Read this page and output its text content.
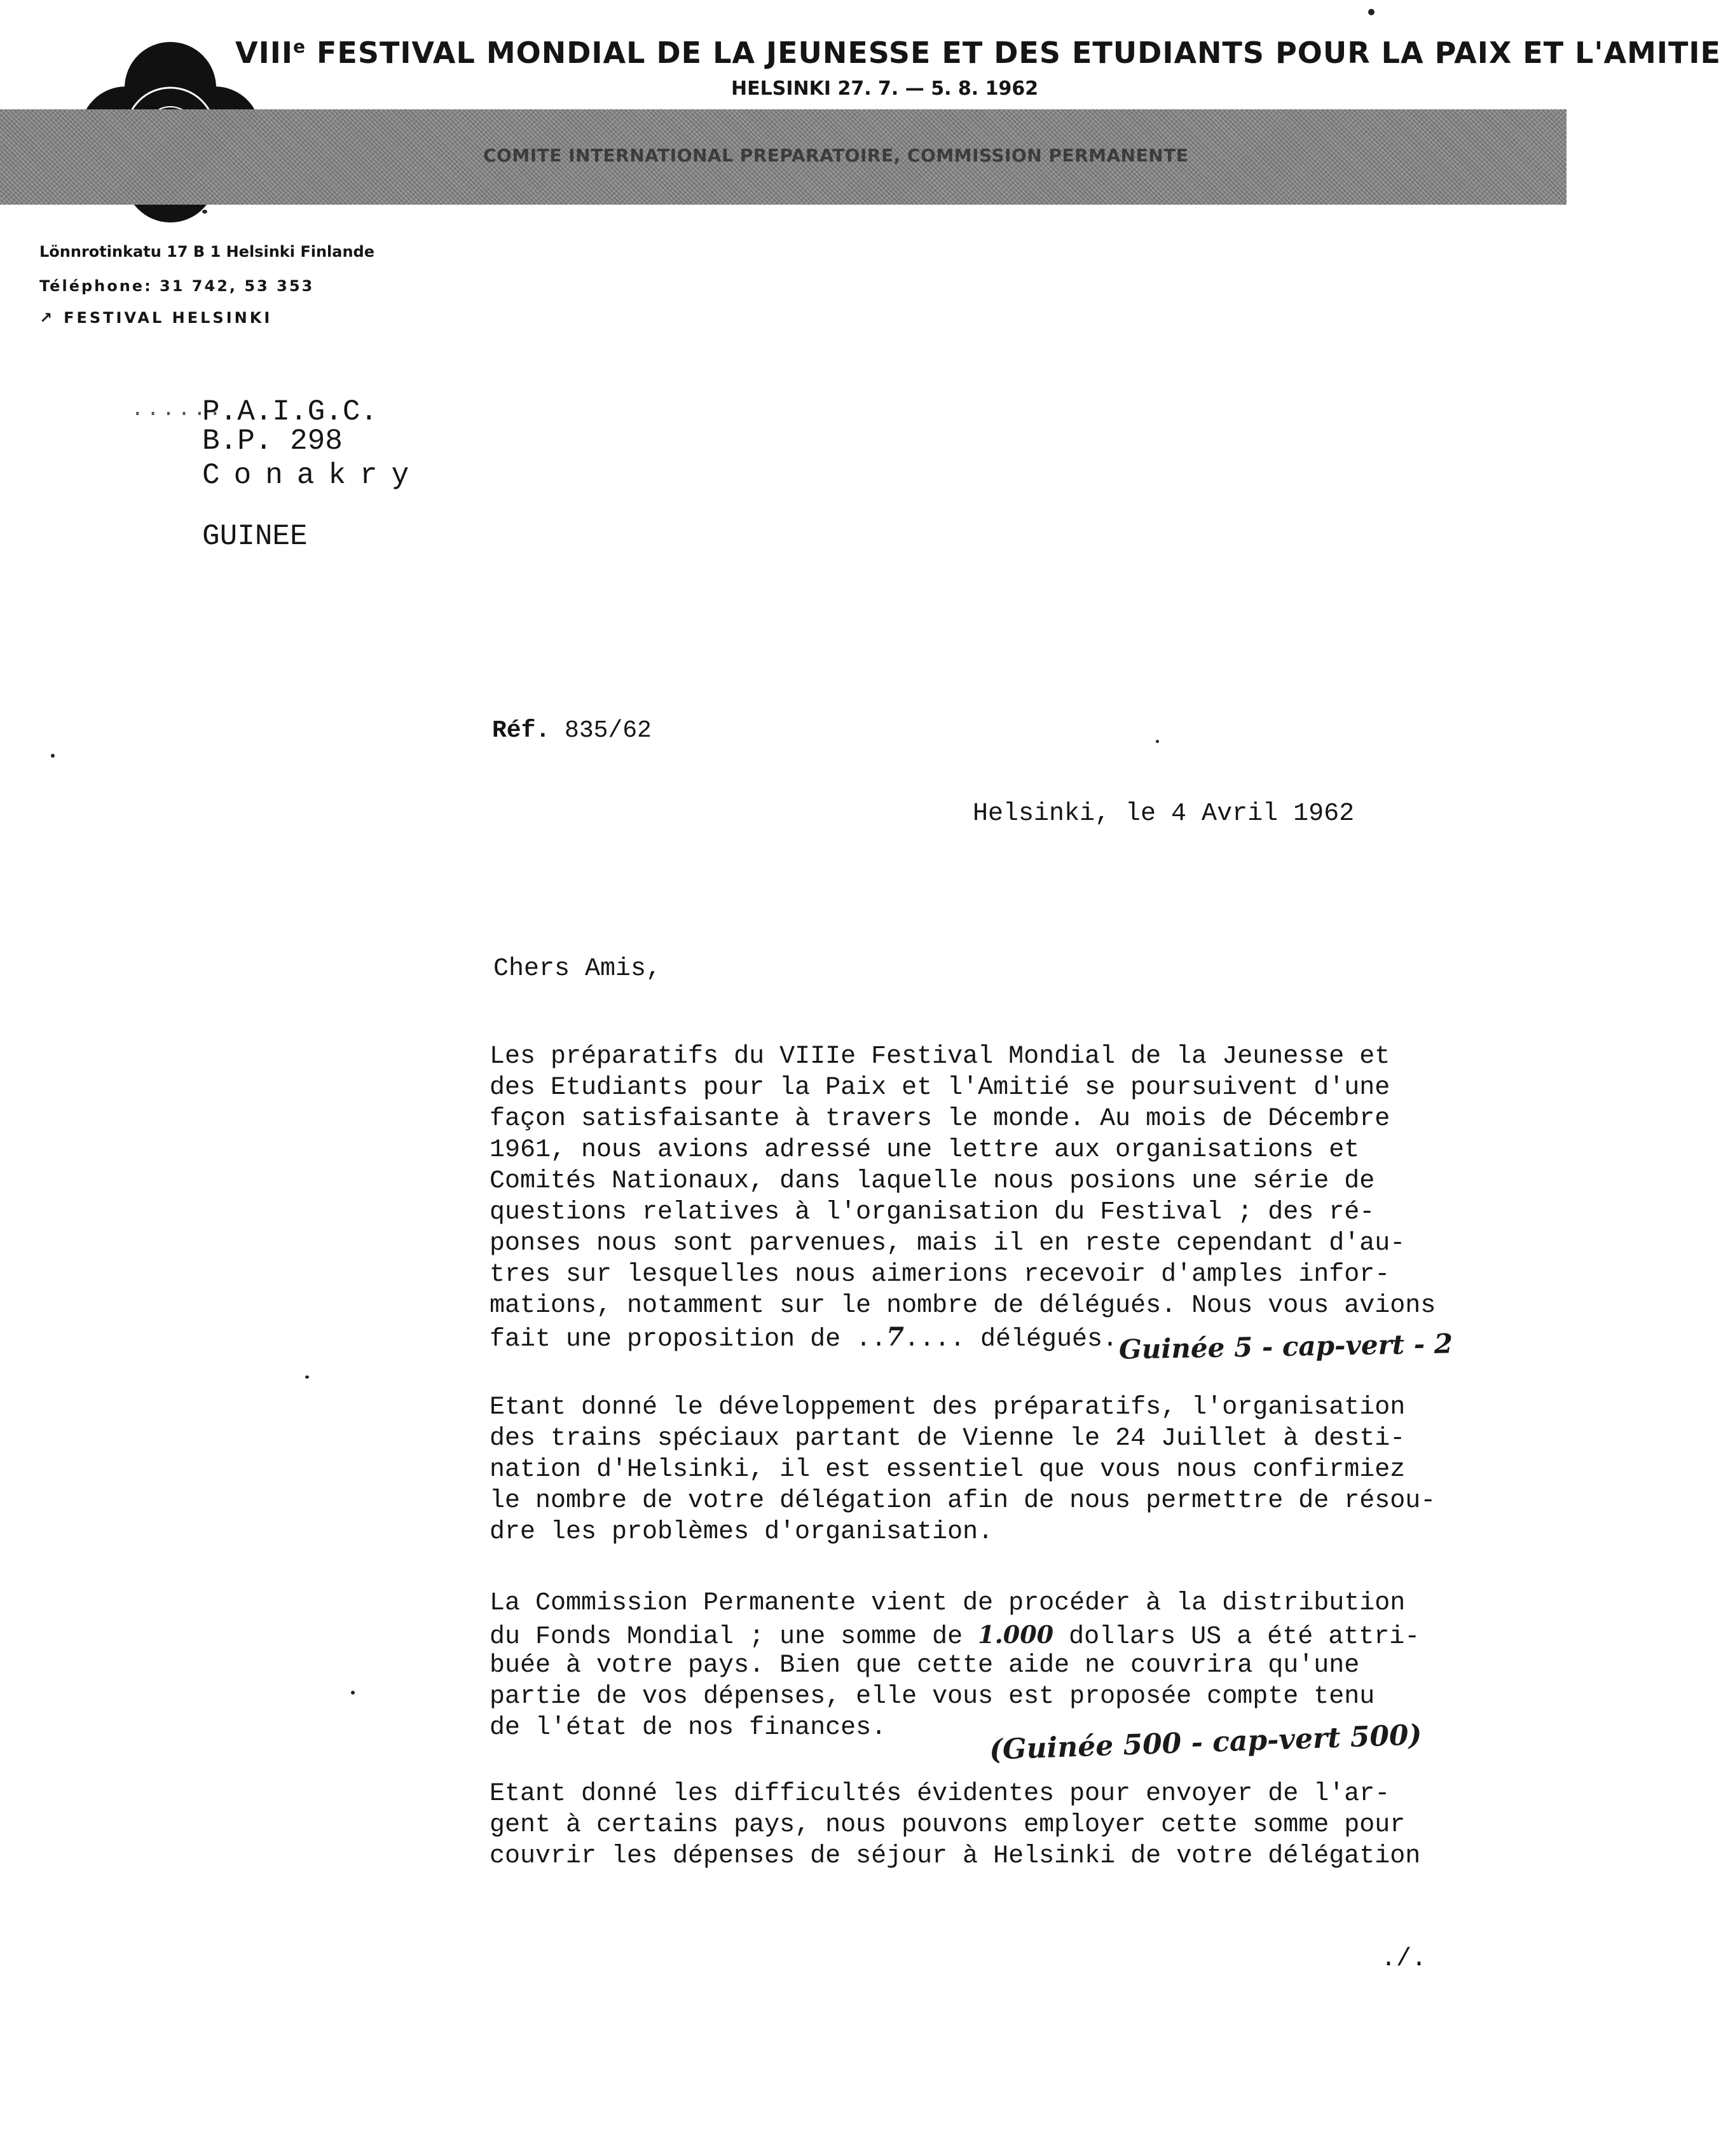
VIIIe FESTIVAL MONDIAL DE LA JEUNESSE ET DES ETUDIANTS POUR LA PAIX ET L'AMITIE
HELSINKI 27. 7. — 5. 8. 1962
COMITE INTERNATIONAL PREPARATOIRE, COMMISSION PERMANENTE
Lönnrotinkatu 17 B 1 Helsinki Finlande
Téléphone: 31 742, 53 353
↗ FESTIVAL HELSINKI
......
P.A.I.G.C.
B.P. 298
Conakry
GUINEE
Réf. 835/62
Helsinki, le 4 Avril 1962
Chers Amis,
Les préparatifs du VIIIe Festival Mondial de la Jeunesse et
des Etudiants pour la Paix et l'Amitié se poursuivent d'une
façon satisfaisante à travers le monde. Au mois de Décembre
1961, nous avions adressé une lettre aux organisations et
Comités Nationaux, dans laquelle nous posions une série de
questions relatives à l'organisation du Festival ; des ré-
ponses nous sont parvenues, mais il en reste cependant d'au-
tres sur lesquelles nous aimerions recevoir d'amples infor-
mations, notamment sur le nombre de délégués. Nous vous avions
fait une proposition de ..7.... délégués. Guinée 5 - cap-vert - 2
Etant donné le développement des préparatifs, l'organisation
des trains spéciaux partant de Vienne le 24 Juillet à desti-
nation d'Helsinki, il est essentiel que vous nous confirmiez
le nombre de votre délégation afin de nous permettre de résou-
dre les problèmes d'organisation.
La Commission Permanente vient de procéder à la distribution
du Fonds Mondial ; une somme de 1.000 dollars US a été attri-
buée à votre pays. Bien que cette aide ne couvrira qu'une
partie de vos dépenses, elle vous est proposée compte tenu
de l'état de nos finances.	(Guinée 500 - cap-vert 500)
Etant donné les difficultés évidentes pour envoyer de l'ar-
gent à certains pays, nous pouvons employer cette somme pour
couvrir les dépenses de séjour à Helsinki de votre délégation
./.
